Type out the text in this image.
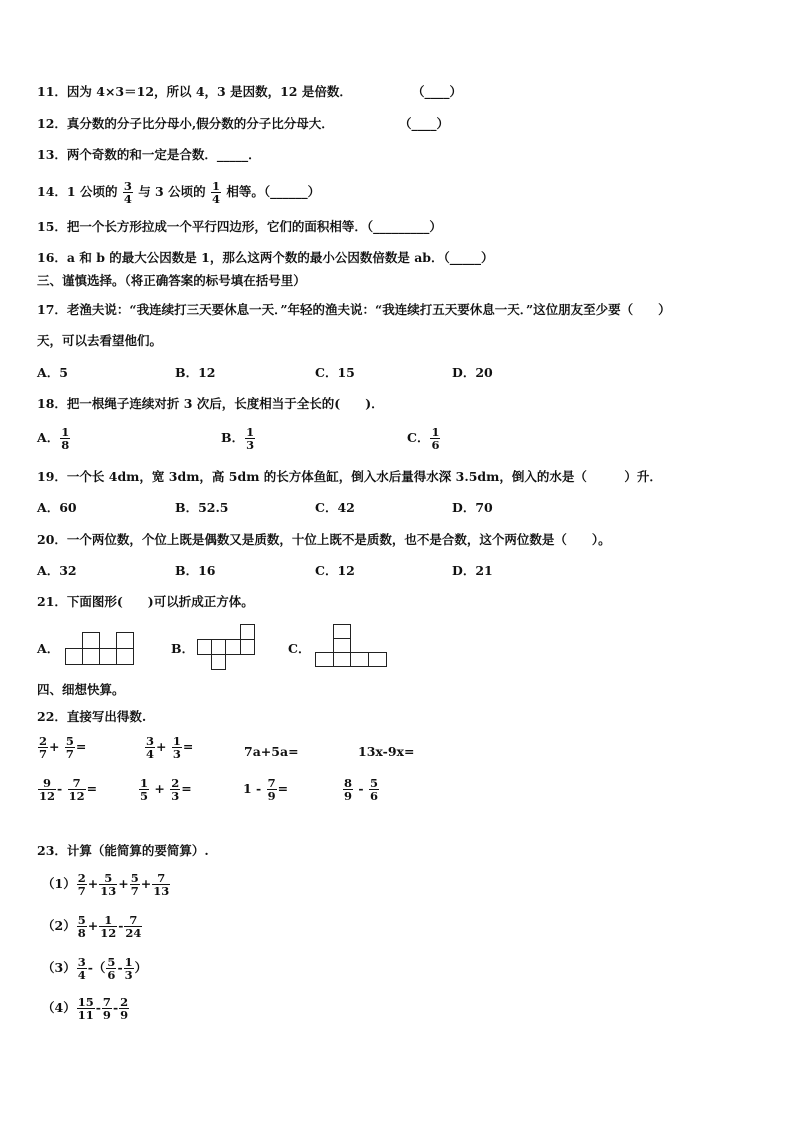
11．因为 4×3＝12，所以 4，3 是因数，12 是倍数．	（____）
12．真分数的分子比分母小,假分数的分子比分母大．	（____）
13．两个奇数的和一定是合数．_____．
14．1 公顷的 $\frac{3}{4}$ 与 3 公顷的 $\frac{1}{4}$ 相等。（______）
15．把一个长方形拉成一个平行四边形，它们的面积相等．（_________）
16．a 和 b 的最大公因数是 1，那么这两个数的最小公因数倍数是 ab．（_____）
三、谨慎选择。（将正确答案的标号填在括号里）
17．老渔夫说：“我连续打三天要休息一天．”年轻的渔夫说：“我连续打五天要休息一天．”这位朋友至少要（　　）
天，可以去看望他们。
A．5	B．12	C．15	D．20
18．把一根绳子连续对折 3 次后，长度相当于全长的(　　)．
A． $\frac{1}{8}$	B． $\frac{1}{3}$	C． $\frac{1}{6}$
19．一个长 4dm，宽 3dm，高 5dm 的长方体鱼缸，倒入水后量得水深 3.5dm，倒入的水是（　　　）升．
A．60	B．52.5	C．42	D．70
20．一个两位数，个位上既是偶数又是质数，十位上既不是质数，也不是合数，这个两位数是（　　）。
A．32	B．16	C．12	D．21
21．下面图形(　　)可以折成正方体。
A．	B．	C．
四、细想快算。
22．直接写出得数.
$\frac{2}{7} + \frac{5}{7}$ =	$\frac{3}{4} + \frac{1}{3}$ =	7a+5a=	13x-9x=
$\frac{9}{12} - \frac{7}{12}$ =	$\frac{1}{5} + \frac{2}{3}$ =	$1 - \frac{7}{9}$ =	$\frac{8}{9} - \frac{5}{6}$
23．计算（能简算的要简算）.
$(1) \frac{2}{7} + \frac{5}{13} + \frac{5}{7} + \frac{7}{13}$
$(2) \frac{5}{8} + \frac{1}{12} - \frac{7}{24}$
$(3) \frac{3}{4}$ -（ $\frac{5}{6} - \frac{1}{3}$ ）
$(4) \frac{15}{11} - \frac{7}{9} - \frac{2}{9}$
